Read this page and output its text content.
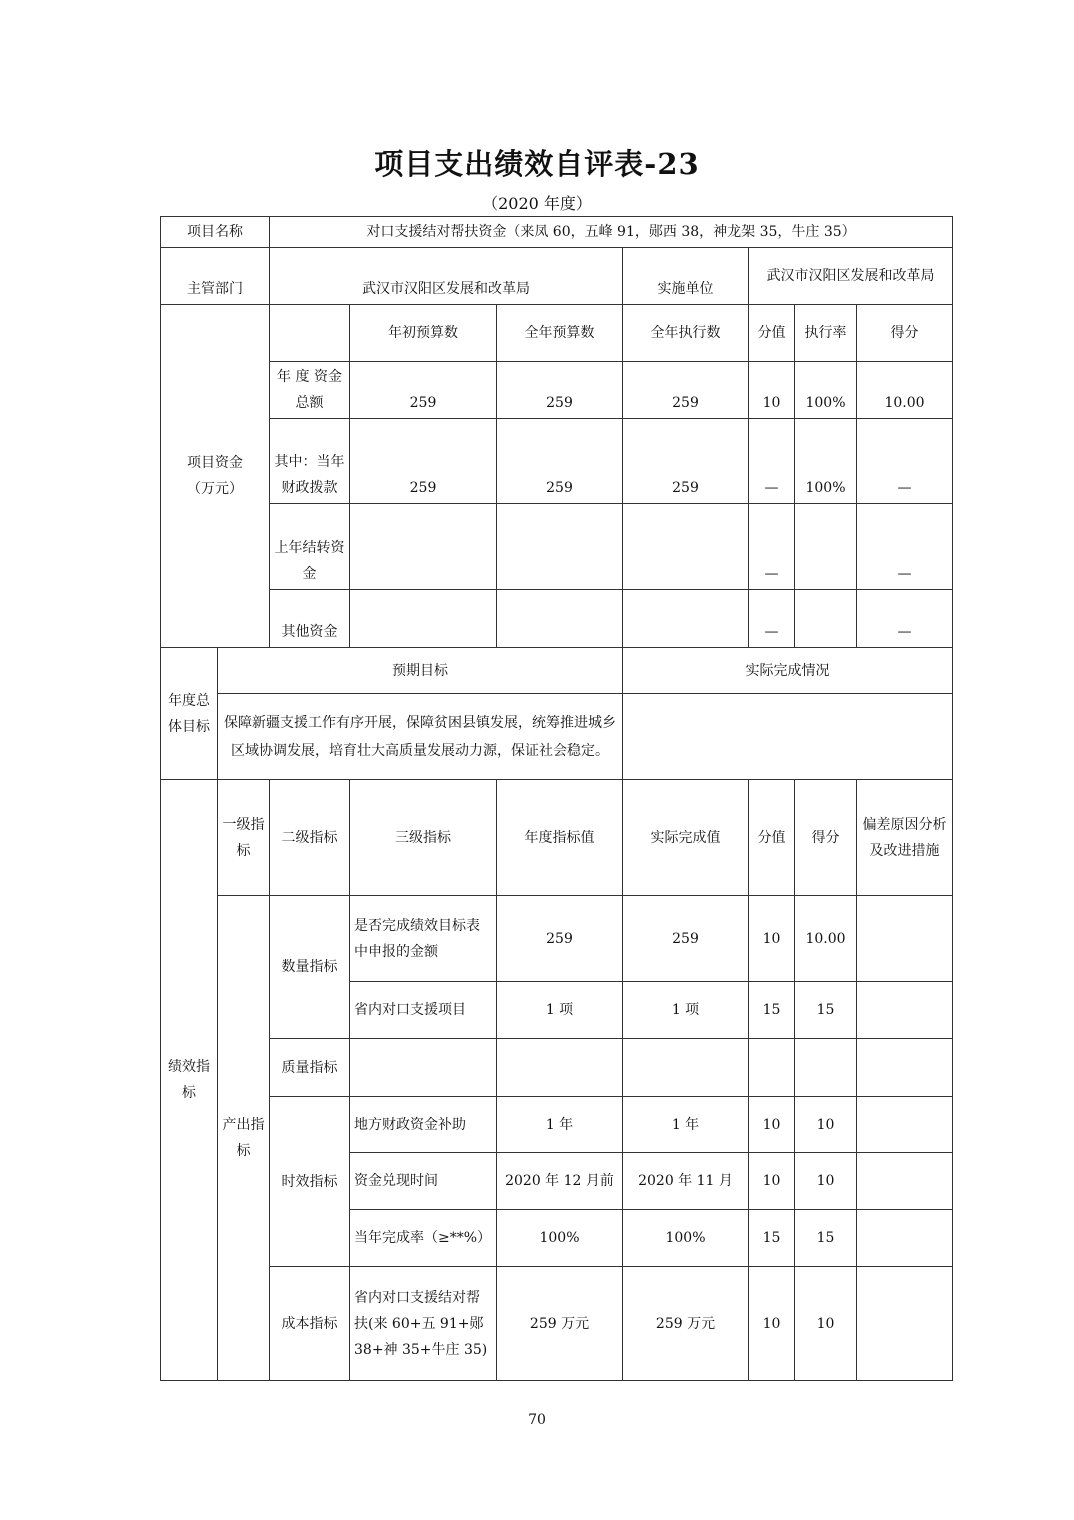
项目支出绩效自评表-23
（2020 年度）
项目名称		对口支援结对帮扶资金（来凤 60，五峰 91，郧西 38，神龙架 35，牛庄 35）						
主管部门		武汉市汉阳区发展和改革局			实施单位	武汉市汉阳区发展和改革局		

项目资金
（万元）			年初预算数	全年预算数	全年执行数	分值	执行率	得分
		年 度 资金总额	259	259	259	10	100%	10.00
		其中：当年财政拨款	259	259	259	—	100%	—
		上年结转资金				—		—
		其他资金				—		—
年度总体目标	预期目标				实际完成情况			
	保障新疆支援工作有序开展，保障贫困县镇发展，统筹推进城乡区域协调发展，培育壮大高质量发展动力源，保证社会稳定。							
绩效指标	一级指标	二级指标	三级指标	年度指标值	实际完成值	分值	得分	偏差原因分析及改进措施
	产出指标	数量指标	是否完成绩效目标表中申报的金额	259	259	10	10.00	
			省内对口支援项目	1 项	1 项	15	15	
		质量指标						
		时效指标	地方财政资金补助	1 年	1 年	10	10	
			资金兑现时间	2020 年 12 月前	2020 年 11 月	10	10	
			当年完成率（≥**%）	100%	100%	15	15	
		成本指标	省内对口支援结对帮扶(来 60+五 91+郧 38+神 35+牛庄 35)	259 万元	259 万元	10	10	
70
